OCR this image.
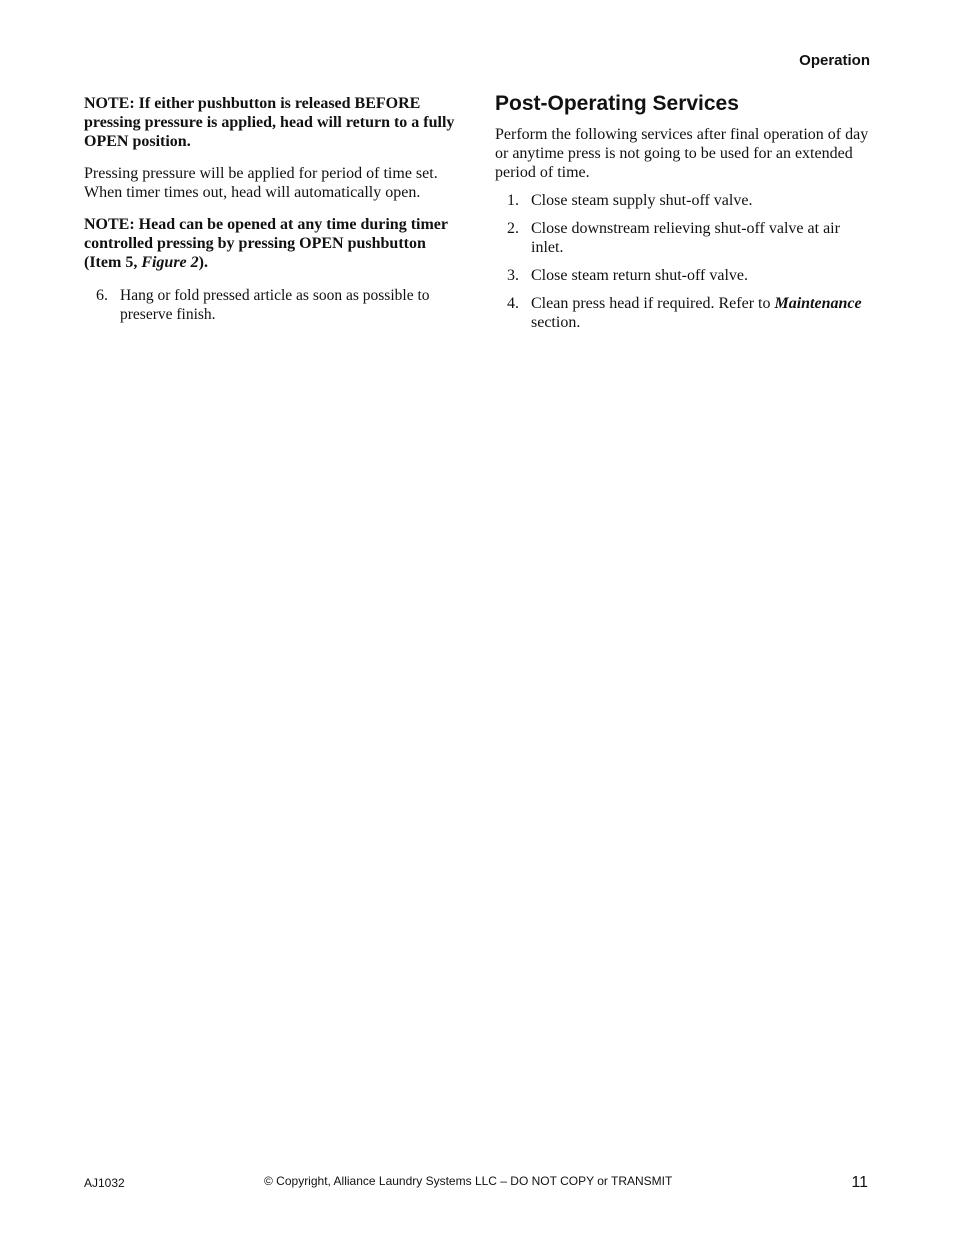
Operation

NOTE: If either pushbutton is released BEFORE pressing pressure is applied, head will return to a fully OPEN position.

Pressing pressure will be applied for period of time set. When timer times out, head will automatically open.

NOTE: Head can be opened at any time during timer controlled pressing by pressing OPEN pushbutton (Item 5, Figure 2).

6. Hang or fold pressed article as soon as possible to preserve finish.
Post-Operating Services

Perform the following services after final operation of day or anytime press is not going to be used for an extended period of time.

1. Close steam supply shut-off valve.
2. Close downstream relieving shut-off valve at air inlet.
3. Close steam return shut-off valve.
4. Clean press head if required. Refer to Maintenance section.
AJ1032	© Copyright, Alliance Laundry Systems LLC – DO NOT COPY or TRANSMIT	11
